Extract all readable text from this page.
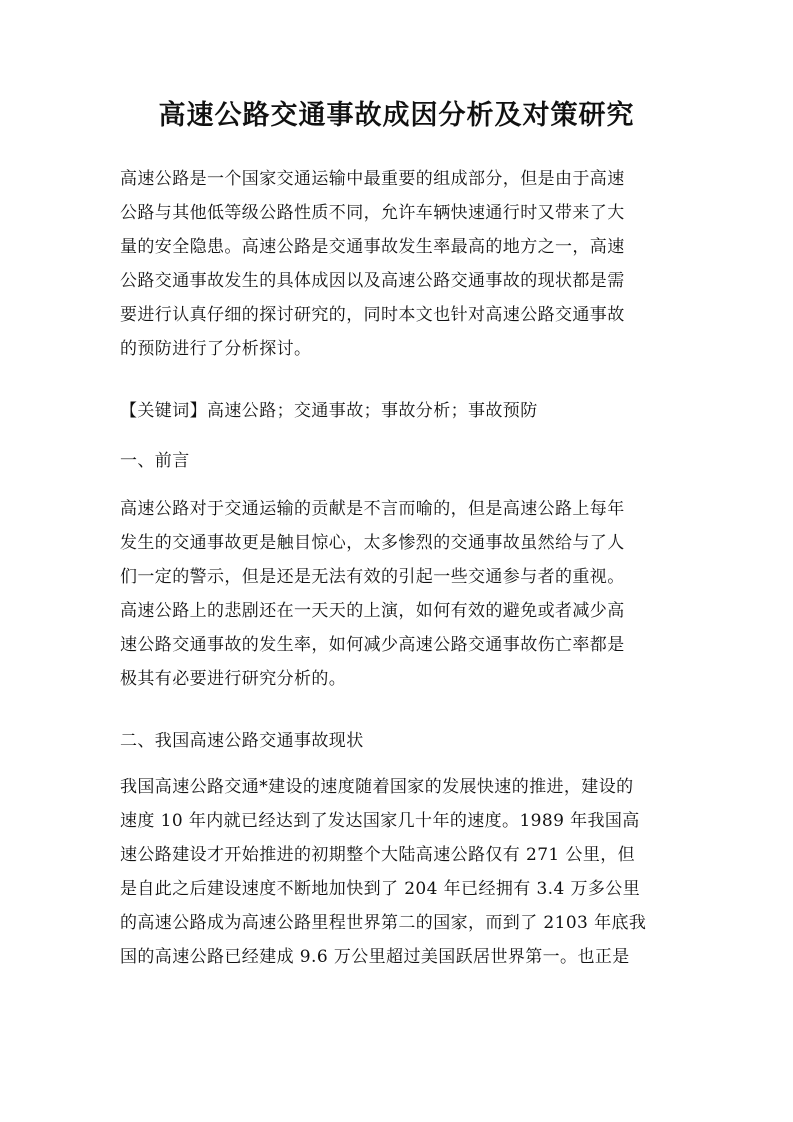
高速公路交通事故成因分析及对策研究

高速公路是一个国家交通运输中最重要的组成部分，但是由于高速
公路与其他低等级公路性质不同，允许车辆快速通行时又带来了大
量的安全隐患。高速公路是交通事故发生率最高的地方之一，高速
公路交通事故发生的具体成因以及高速公路交通事故的现状都是需
要进行认真仔细的探讨研究的，同时本文也针对高速公路交通事故
的预防进行了分析探讨。

【关键词】高速公路；交通事故；事故分析；事故预防

一、前言

高速公路对于交通运输的贡献是不言而喻的，但是高速公路上每年
发生的交通事故更是触目惊心，太多惨烈的交通事故虽然给与了人
们一定的警示，但是还是无法有效的引起一些交通参与者的重视。
高速公路上的悲剧还在一天天的上演，如何有效的避免或者减少高
速公路交通事故的发生率，如何减少高速公路交通事故伤亡率都是
极其有必要进行研究分析的。

二、我国高速公路交通事故现状

我国高速公路交通*建设的速度随着国家的发展快速的推进，建设的
速度 10 年内就已经达到了发达国家几十年的速度。1989 年我国高
速公路建设才开始推进的初期整个大陆高速公路仅有 271 公里，但
是自此之后建设速度不断地加快到了 204 年已经拥有 3.4 万多公里
的高速公路成为高速公路里程世界第二的国家，而到了 2103 年底我
国的高速公路已经建成 9.6 万公里超过美国跃居世界第一。也正是
